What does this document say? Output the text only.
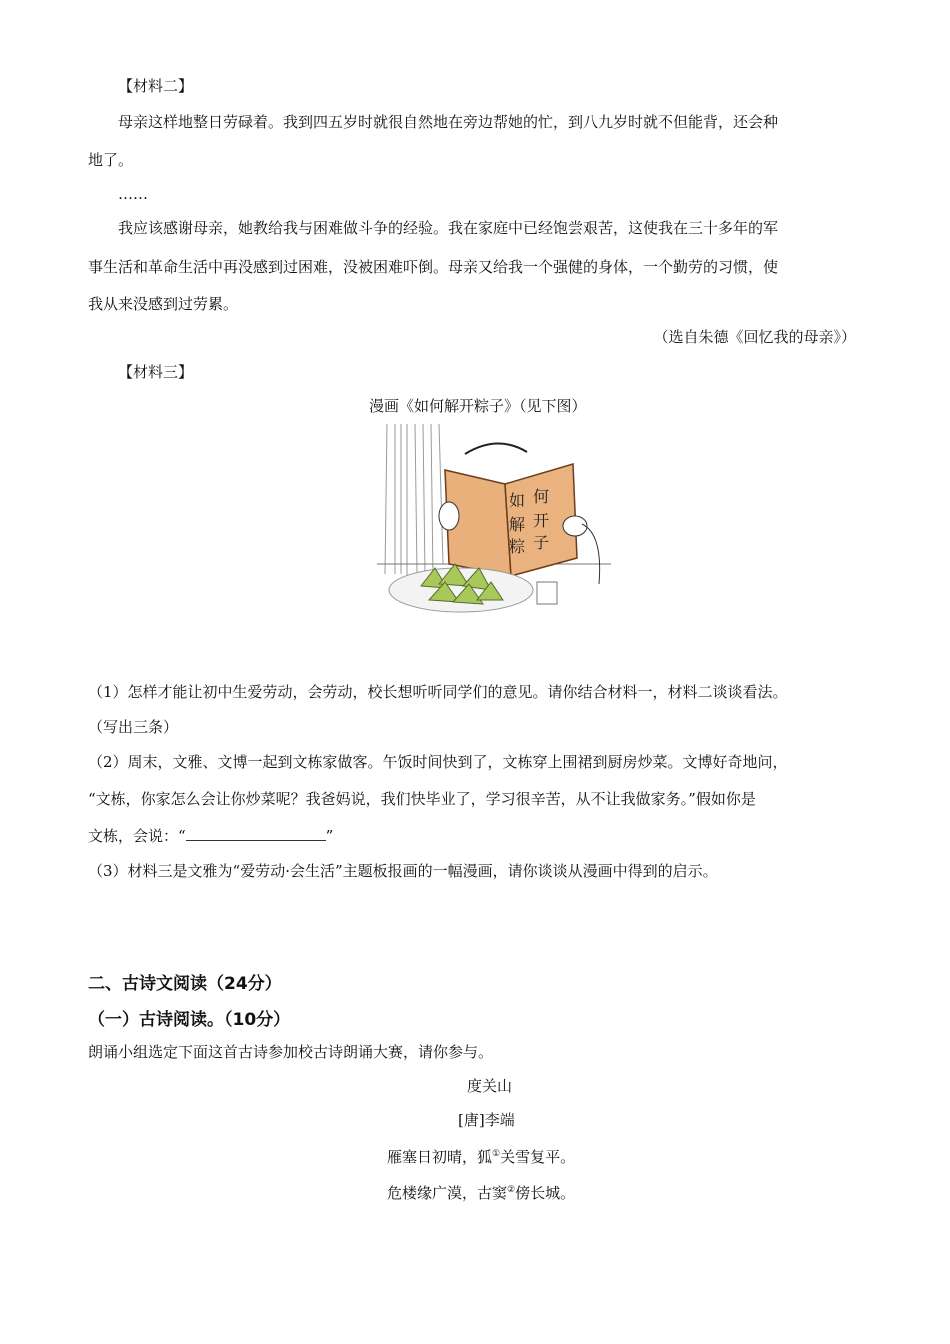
【材料二】
母亲这样地整日劳碌着。我到四五岁时就很自然地在旁边帮她的忙，到八九岁时就不但能背，还会种
地了。
……
我应该感谢母亲，她教给我与困难做斗争的经验。我在家庭中已经饱尝艰苦，这使我在三十多年的军
事生活和革命生活中再没感到过困难，没被困难吓倒。母亲又给我一个强健的身体，一个勤劳的习惯，使
我从来没感到过劳累。
（选自朱德《回忆我的母亲》）
【材料三】
漫画《如何解开粽子》（见下图）
如 何
解 开
粽 子
（1）怎样才能让初中生爱劳动，会劳动，校长想听听同学们的意见。请你结合材料一，材料二谈谈看法。
（写出三条）
（2）周末，文雅、文博一起到文栋家做客。午饭时间快到了，文栋穿上围裙到厨房炒菜。文博好奇地问，
“文栋，你家怎么会让你炒菜呢？我爸妈说，我们快毕业了，学习很辛苦，从不让我做家务。”假如你是
文栋，会说：“	”
（3）材料三是文雅为“爱劳动·会生活”主题板报画的一幅漫画，请你谈谈从漫画中得到的启示。
二、古诗文阅读（24分）
（一）古诗阅读。（10分）
朗诵小组选定下面这首古诗参加校古诗朗诵大赛，请你参与。
度关山
[唐]李端
雁塞日初晴，狐①关雪复平。
危楼缘广漠，古窦②傍长城。
